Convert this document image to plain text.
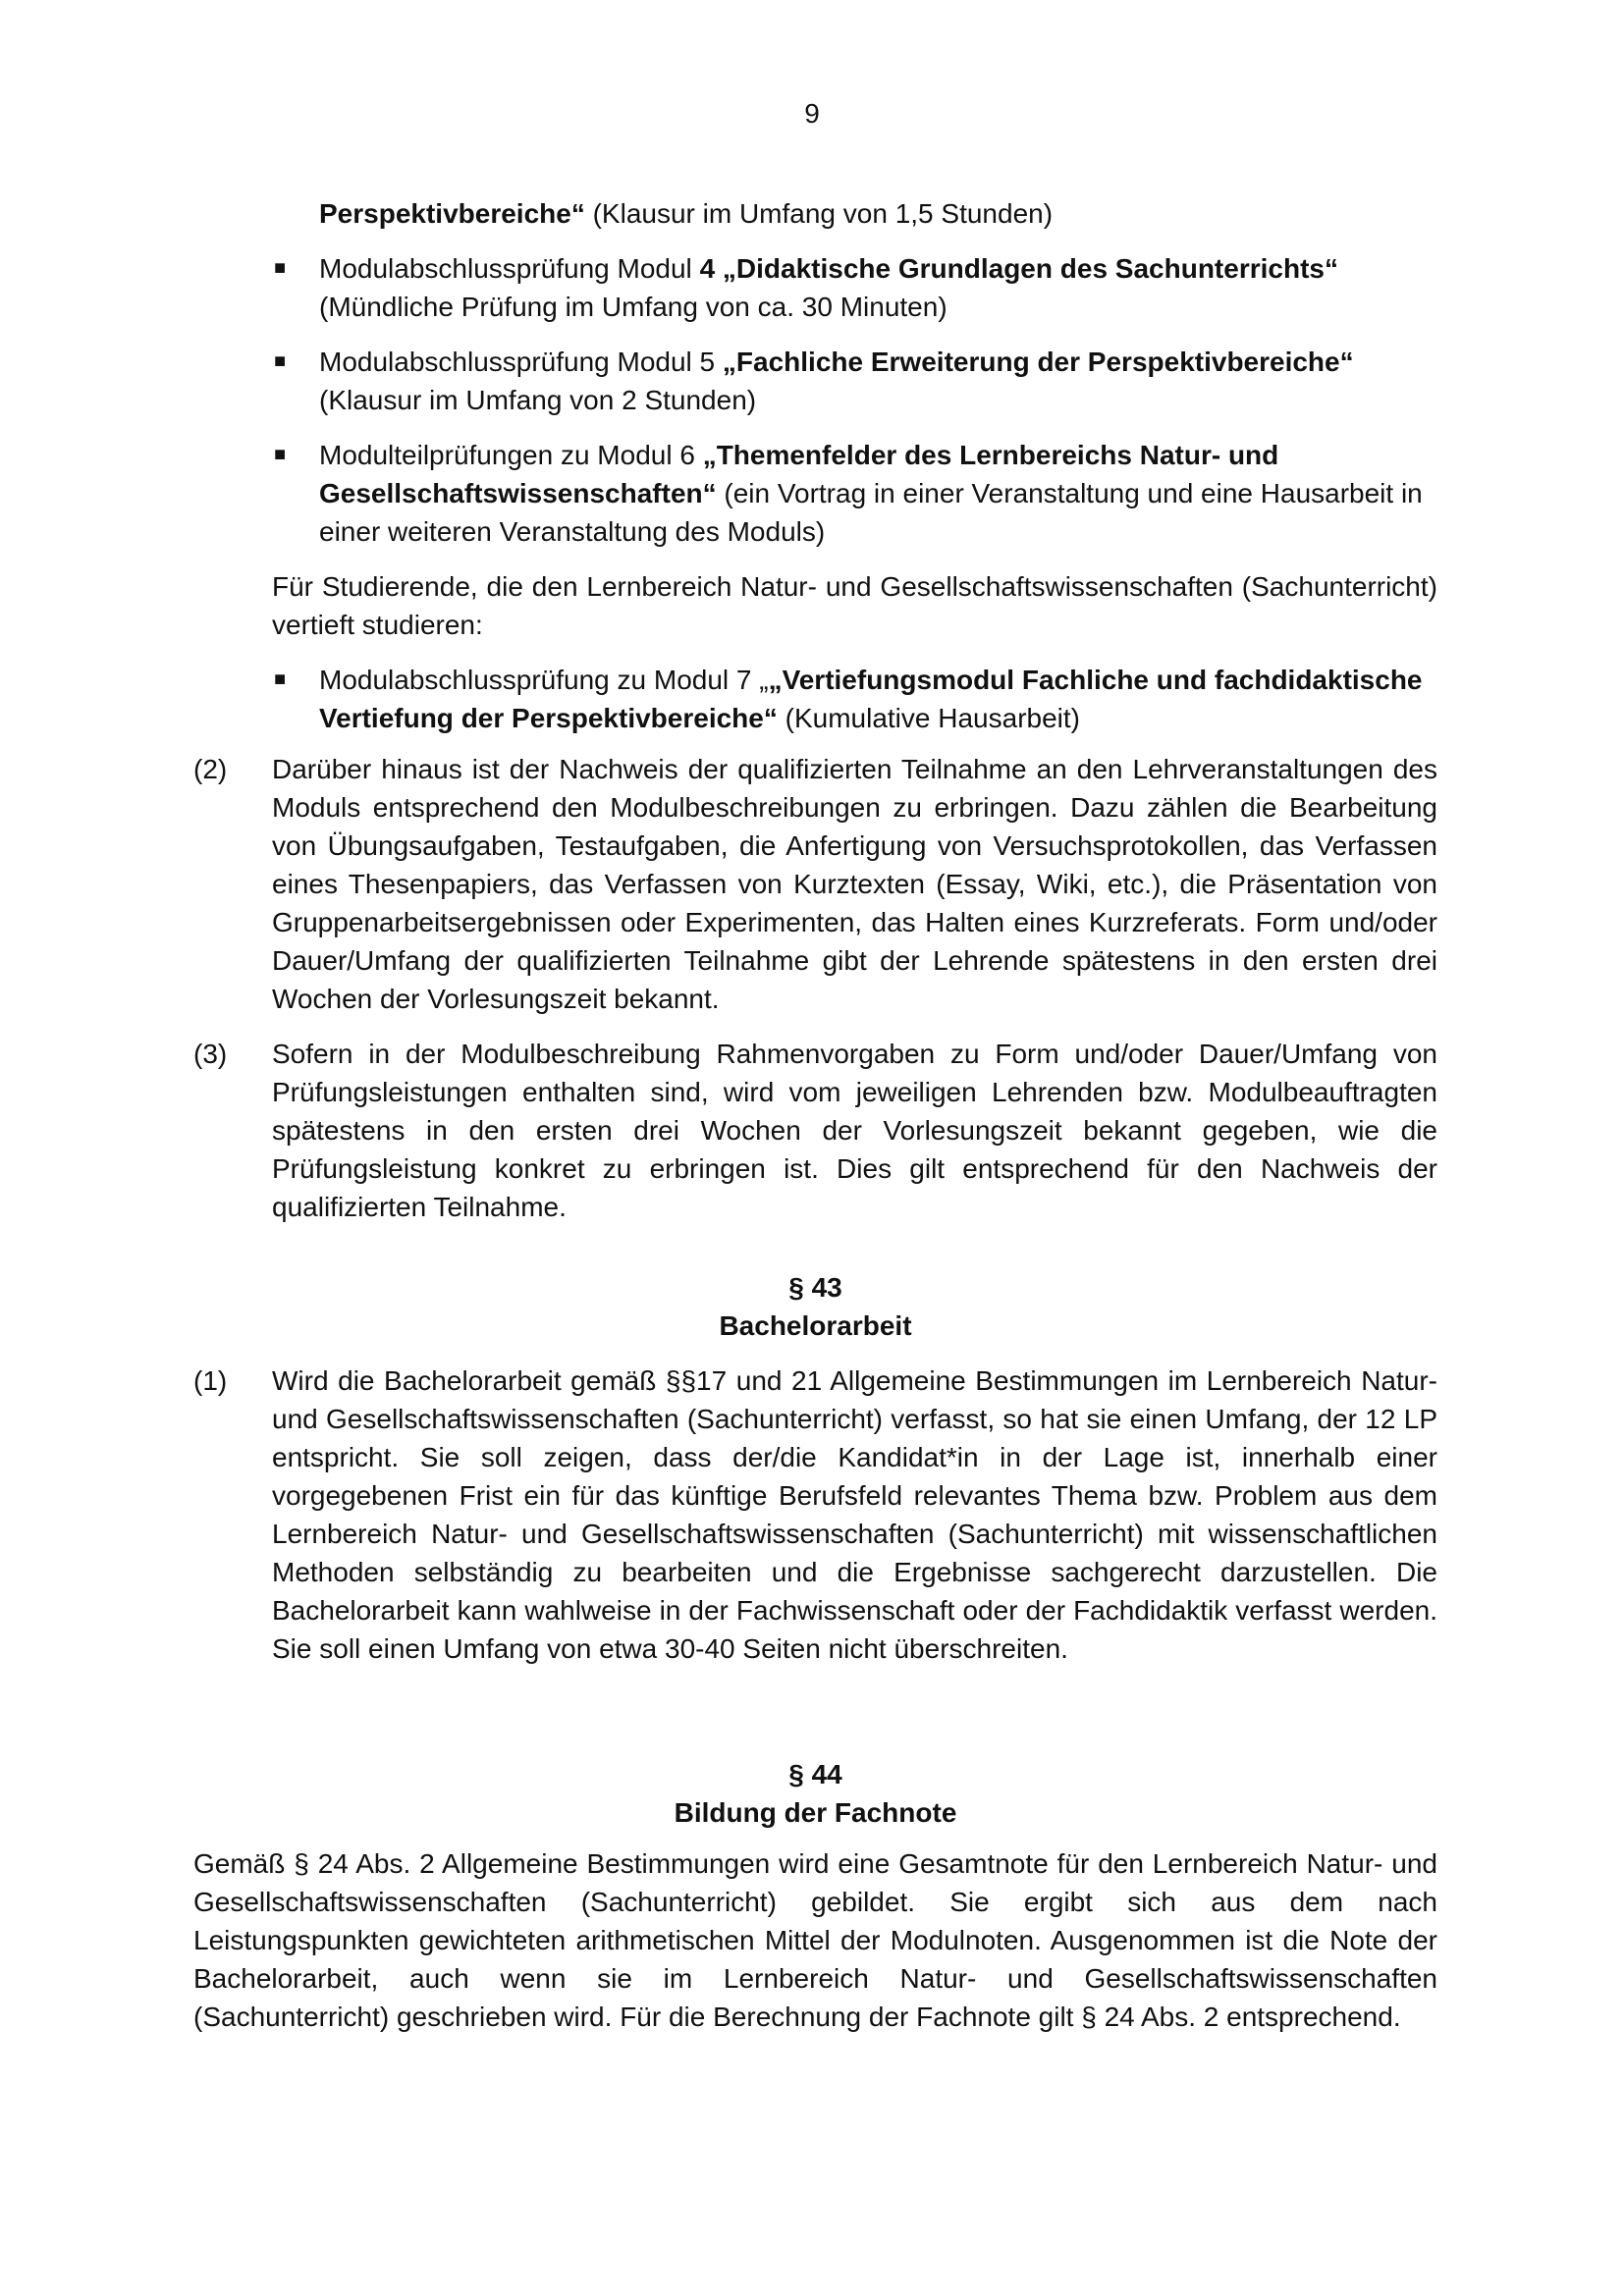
9
Perspektivbereiche“ (Klausur im Umfang von 1,5 Stunden)
■ Modulabschlussprüfung Modul 4 „Didaktische Grundlagen des Sachunterrichts“ (Mündliche Prüfung im Umfang von ca. 30 Minuten)
■ Modulabschlussprüfung Modul 5 „Fachliche Erweiterung der Perspektivbereiche“ (Klausur im Umfang von 2 Stunden)
■ Modulteilprüfungen zu Modul 6 „Themenfelder des Lernbereichs Natur- und Gesellschaftswissenschaften“ (ein Vortrag in einer Veranstaltung und eine Hausarbeit in einer weiteren Veranstaltung des Moduls)
Für Studierende, die den Lernbereich Natur- und Gesellschaftswissenschaften (Sachunterricht) vertieft studieren:
■ Modulabschlussprüfung zu Modul 7 „„Vertiefungsmodul Fachliche und fachdidaktische Vertiefung der Perspektivbereiche“ (Kumulative Hausarbeit)
(2) Darüber hinaus ist der Nachweis der qualifizierten Teilnahme an den Lehrveranstaltungen des Moduls entsprechend den Modulbeschreibungen zu erbringen. Dazu zählen die Bearbeitung von Übungsaufgaben, Testaufgaben, die Anfertigung von Versuchsprotokollen, das Verfassen eines Thesenpapiers, das Verfassen von Kurztexten (Essay, Wiki, etc.), die Präsentation von Gruppenarbeitsergebnissen oder Experimenten, das Halten eines Kurzreferats. Form und/oder Dauer/Umfang der qualifizierten Teilnahme gibt der Lehrende spätestens in den ersten drei Wochen der Vorlesungszeit bekannt.
(3) Sofern in der Modulbeschreibung Rahmenvorgaben zu Form und/oder Dauer/Umfang von Prüfungsleistungen enthalten sind, wird vom jeweiligen Lehrenden bzw. Modulbeauftragten spätestens in den ersten drei Wochen der Vorlesungszeit bekannt gegeben, wie die Prüfungsleistung konkret zu erbringen ist. Dies gilt entsprechend für den Nachweis der qualifizierten Teilnahme.
§ 43
Bachelorarbeit
(1) Wird die Bachelorarbeit gemäß §§17 und 21 Allgemeine Bestimmungen im Lernbereich Natur- und Gesellschaftswissenschaften (Sachunterricht) verfasst, so hat sie einen Umfang, der 12 LP entspricht. Sie soll zeigen, dass der/die Kandidat*in in der Lage ist, innerhalb einer vorgegebenen Frist ein für das künftige Berufsfeld relevantes Thema bzw. Problem aus dem Lernbereich Natur- und Gesellschaftswissenschaften (Sachunterricht) mit wissenschaftlichen Methoden selbständig zu bearbeiten und die Ergebnisse sachgerecht darzustellen. Die Bachelorarbeit kann wahlweise in der Fachwissenschaft oder der Fachdidaktik verfasst werden. Sie soll einen Umfang von etwa 30-40 Seiten nicht überschreiten.
§ 44
Bildung der Fachnote
Gemäß § 24 Abs. 2 Allgemeine Bestimmungen wird eine Gesamtnote für den Lernbereich Natur- und Gesellschaftswissenschaften (Sachunterricht) gebildet. Sie ergibt sich aus dem nach Leistungspunkten gewichteten arithmetischen Mittel der Modulnoten. Ausgenommen ist die Note der Bachelorarbeit, auch wenn sie im Lernbereich Natur- und Gesellschaftswissenschaften (Sachunterricht) geschrieben wird. Für die Berechnung der Fachnote gilt § 24 Abs. 2 entsprechend.
